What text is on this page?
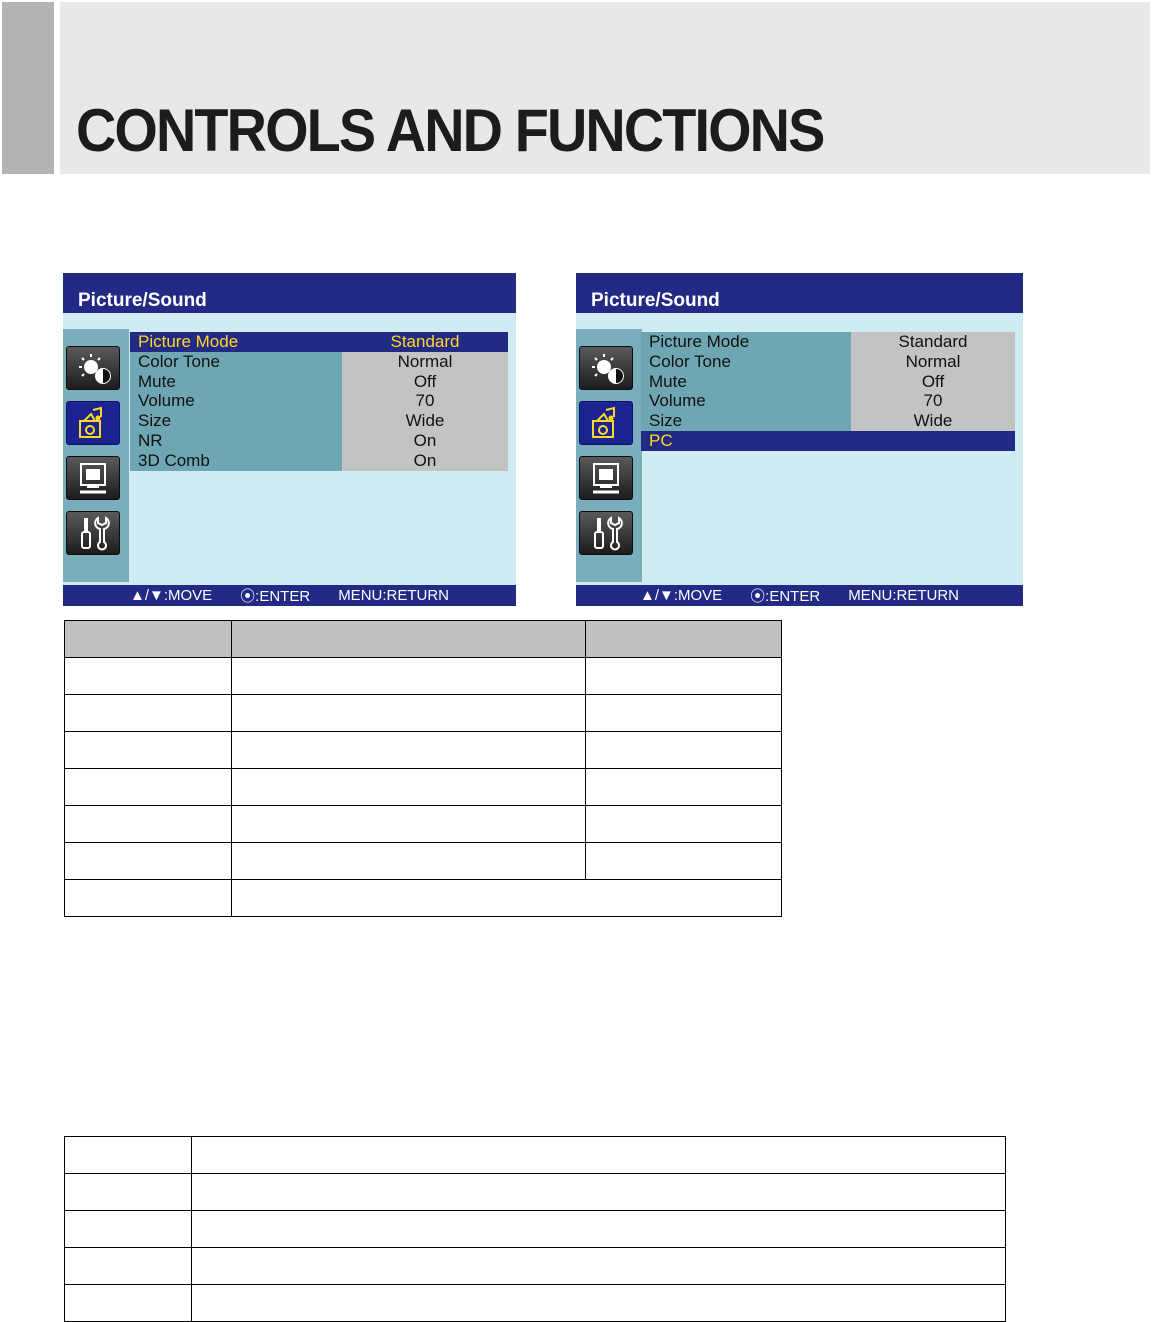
CONTROLS AND FUNCTIONS
Picture/Sound
Picture Mode	Standard
Color Tone	Normal
Mute	Off
Volume	70
Size	Wide
NR	On
3D Comb	On
▲/▼:MOVE ⦿:ENTER MENU:RETURN
Picture/Sound
Picture Mode	Standard
Color Tone	Normal
Mute	Off
Volume	70
Size	Wide
PC
▲/▼:MOVE ⦿:ENTER MENU:RETURN
